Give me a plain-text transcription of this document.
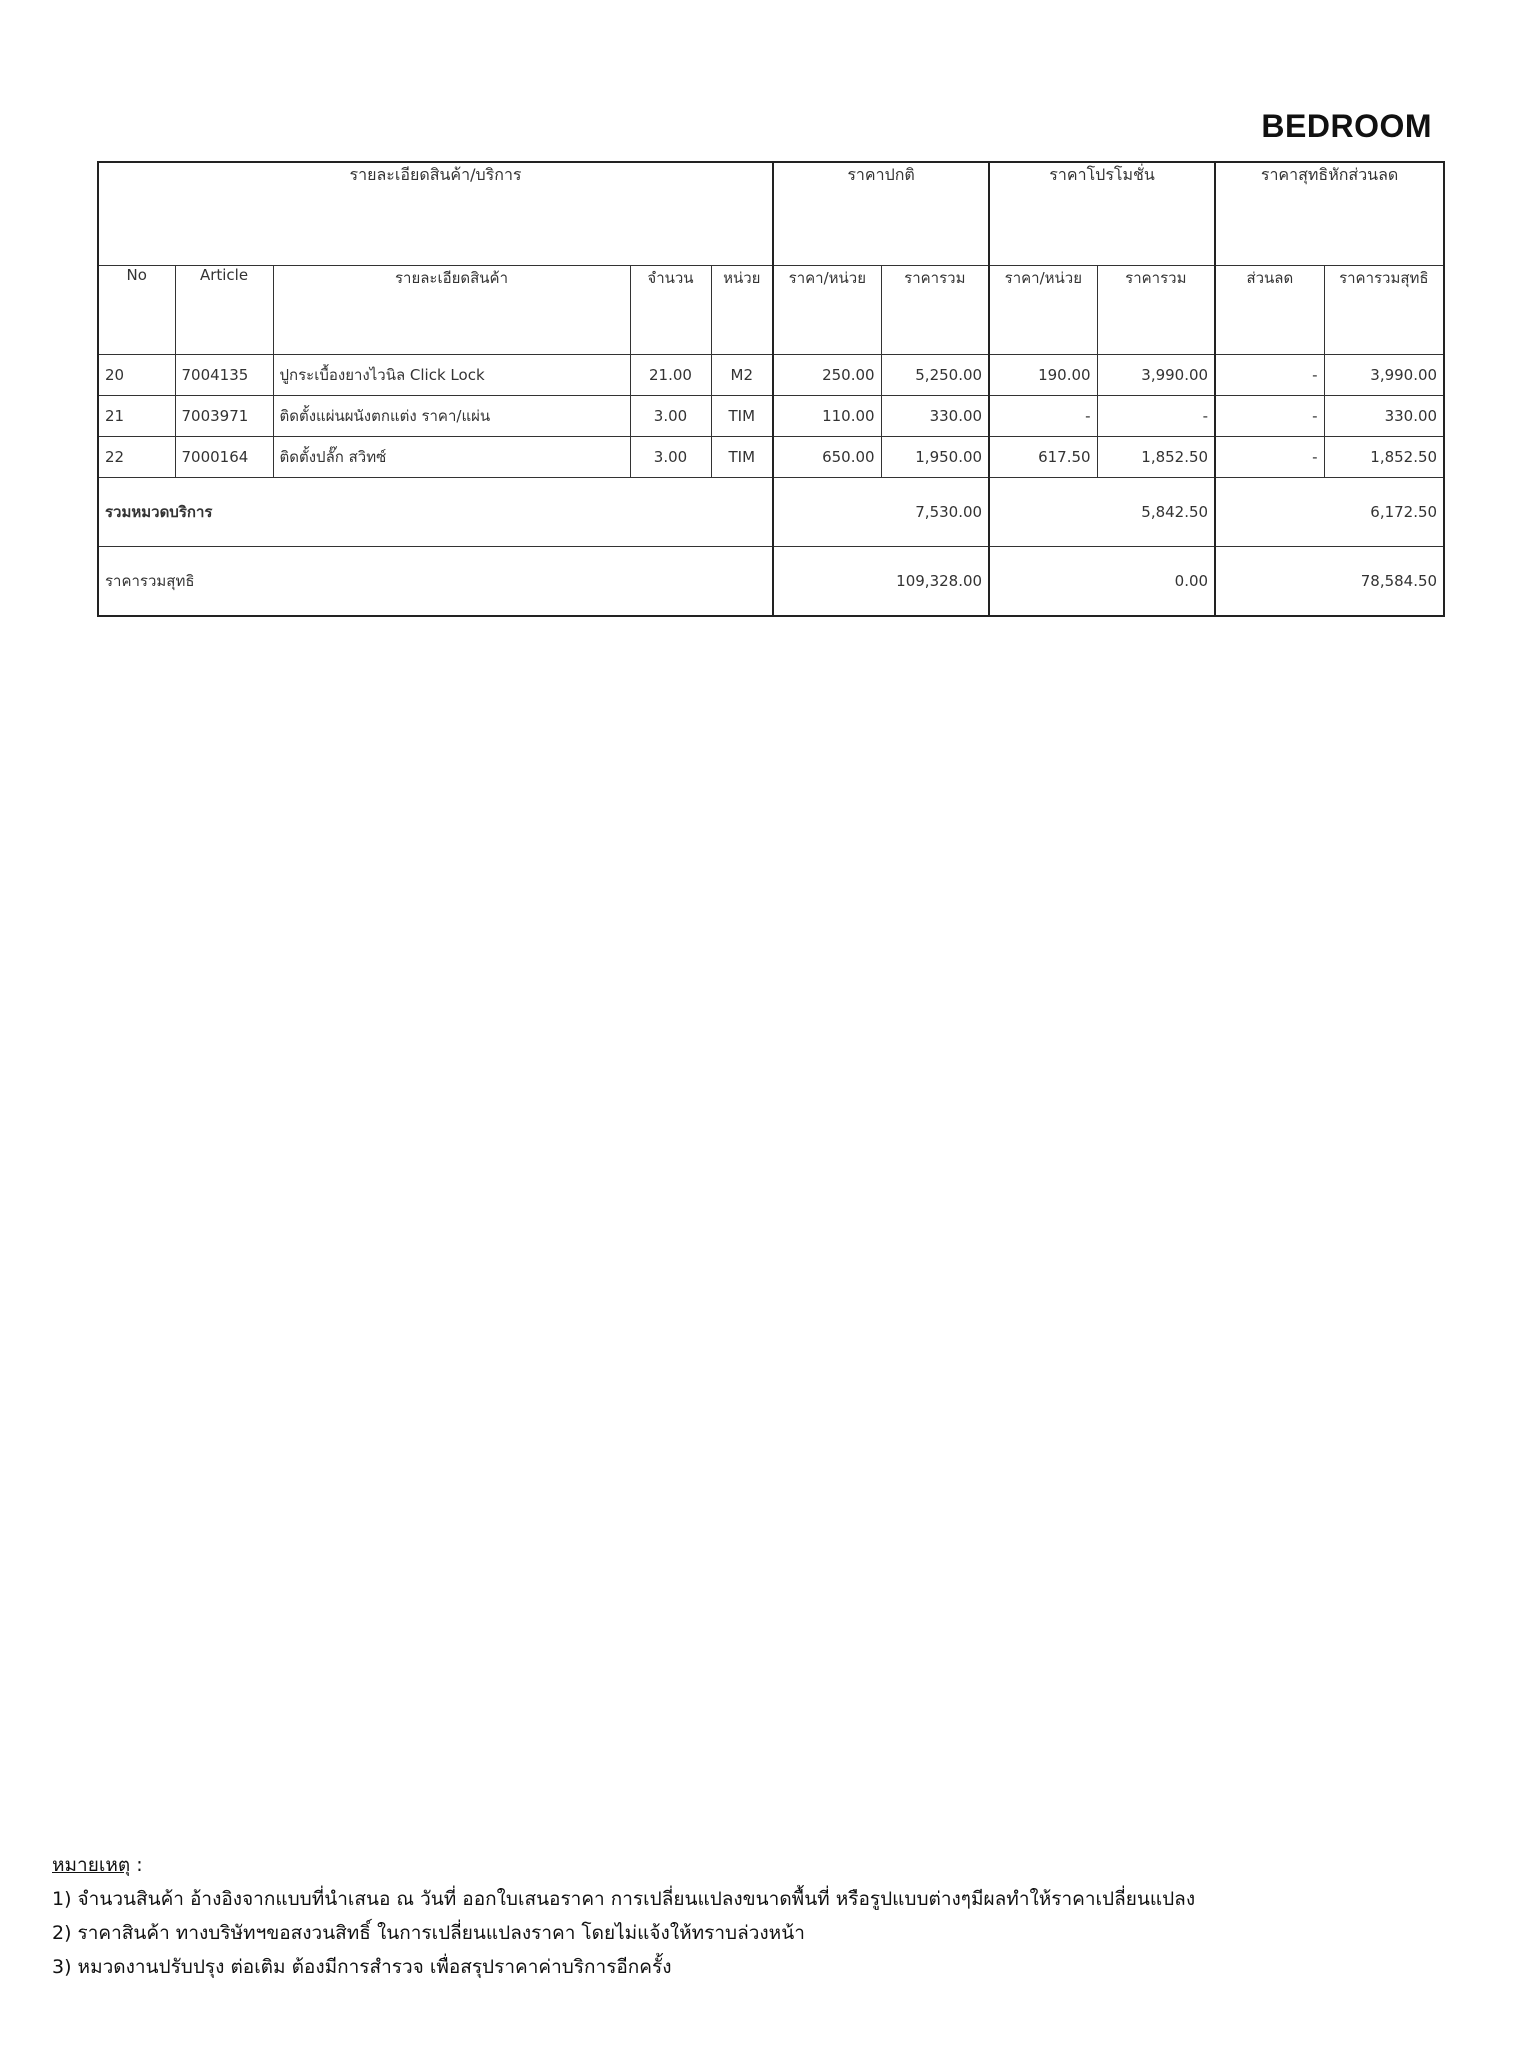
BEDROOM
รายละเอียดสินค้า/บริการ					ราคาปกติ		ราคาโปรโมชั่น		ราคาสุทธิหักส่วนลด	
No	Article	รายละเอียดสินค้า	จำนวน	หน่วย	ราคา/หน่วย	ราคารวม	ราคา/หน่วย	ราคารวม	ส่วนลด	ราคารวมสุทธิ
20	7004135	ปูกระเบื้องยางไวนิล Click Lock	21.00	M2	250.00	5,250.00	190.00	3,990.00	-	3,990.00
21	7003971	ติดตั้งแผ่นผนังตกแต่ง ราคา/แผ่น	3.00	TIM	110.00	330.00	-	-	-	330.00
22	7000164	ติดตั้งปลั๊ก สวิทซ์	3.00	TIM	650.00	1,950.00	617.50	1,852.50	-	1,852.50
รวมหมวดบริการ					7,530.00		5,842.50		6,172.50	
ราคารวมสุทธิ					109,328.00		0.00		78,584.50	
หมายเหตุ :
1) จำนวนสินค้า อ้างอิงจากแบบที่นำเสนอ ณ วันที่ ออกใบเสนอราคา การเปลี่ยนแปลงขนาดพื้นที่ หรือรูปแบบต่างๆมีผลทำให้ราคาเปลี่ยนแปลง
2) ราคาสินค้า ทางบริษัทฯขอสงวนสิทธิ์ ในการเปลี่ยนแปลงราคา โดยไม่แจ้งให้ทราบล่วงหน้า
3) หมวดงานปรับปรุง ต่อเติม ต้องมีการสำรวจ เพื่อสรุปราคาค่าบริการอีกครั้ง
